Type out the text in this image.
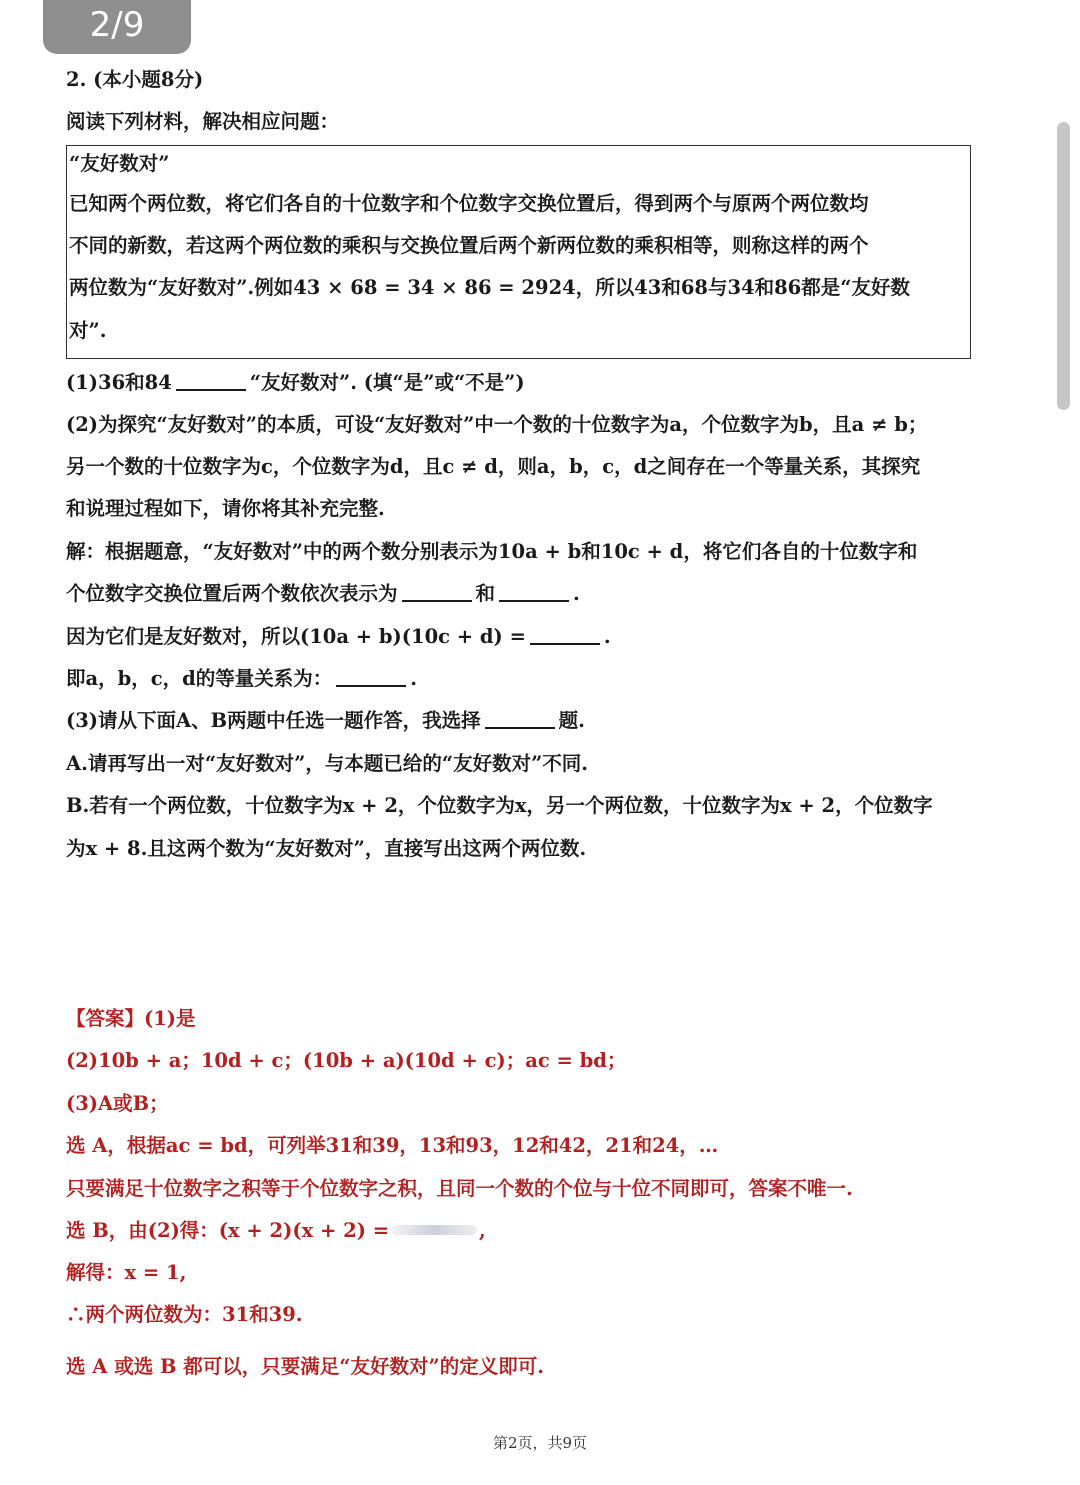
2/9
2. (本小题8分)
阅读下列材料，解决相应问题：
“友好数对”
已知两个两位数，将它们各自的十位数字和个位数字交换位置后，得到两个与原两个两位数均
不同的新数，若这两个两位数的乘积与交换位置后两个新两位数的乘积相等，则称这样的两个
两位数为“友好数对”.例如43 × 68 = 34 × 86 = 2924，所以43和68与34和86都是“友好数
对”.
(1)36和84	“友好数对”. (填“是”或“不是”)
(2)为探究“友好数对”的本质，可设“友好数对”中一个数的十位数字为a，个位数字为b，且a ≠ b；
另一个数的十位数字为c，个位数字为d，且c ≠ d，则a，b，c，d之间存在一个等量关系，其探究
和说理过程如下，请你将其补充完整.
解：根据题意，“友好数对”中的两个数分别表示为10a + b和10c + d，将它们各自的十位数字和
个位数字交换位置后两个数依次表示为	和	.
因为它们是友好数对，所以(10a + b)(10c + d) =	.
即a，b，c，d的等量关系为：	.
(3)请从下面A、B两题中任选一题作答，我选择	题.
A.请再写出一对“友好数对”，与本题已给的“友好数对”不同.
B.若有一个两位数，十位数字为x + 2，个位数字为x，另一个两位数，十位数字为x + 2，个位数字
为x + 8.且这两个数为“友好数对”，直接写出这两个两位数.
【答案】(1)是
(2)10b + a；10d + c；(10b + a)(10d + c)；ac = bd；
(3)A或B；
选 A，根据ac = bd，可列举31和39，13和93，12和42，21和24，…
只要满足十位数字之积等于个位数字之积，且同一个数的个位与十位不同即可，答案不唯一.
选 B，由(2)得：(x + 2)(x + 2) =	,
解得：x = 1,
∴两个两位数为：31和39.
选 A 或选 B 都可以，只要满足“友好数对”的定义即可.
第2页，共9页
